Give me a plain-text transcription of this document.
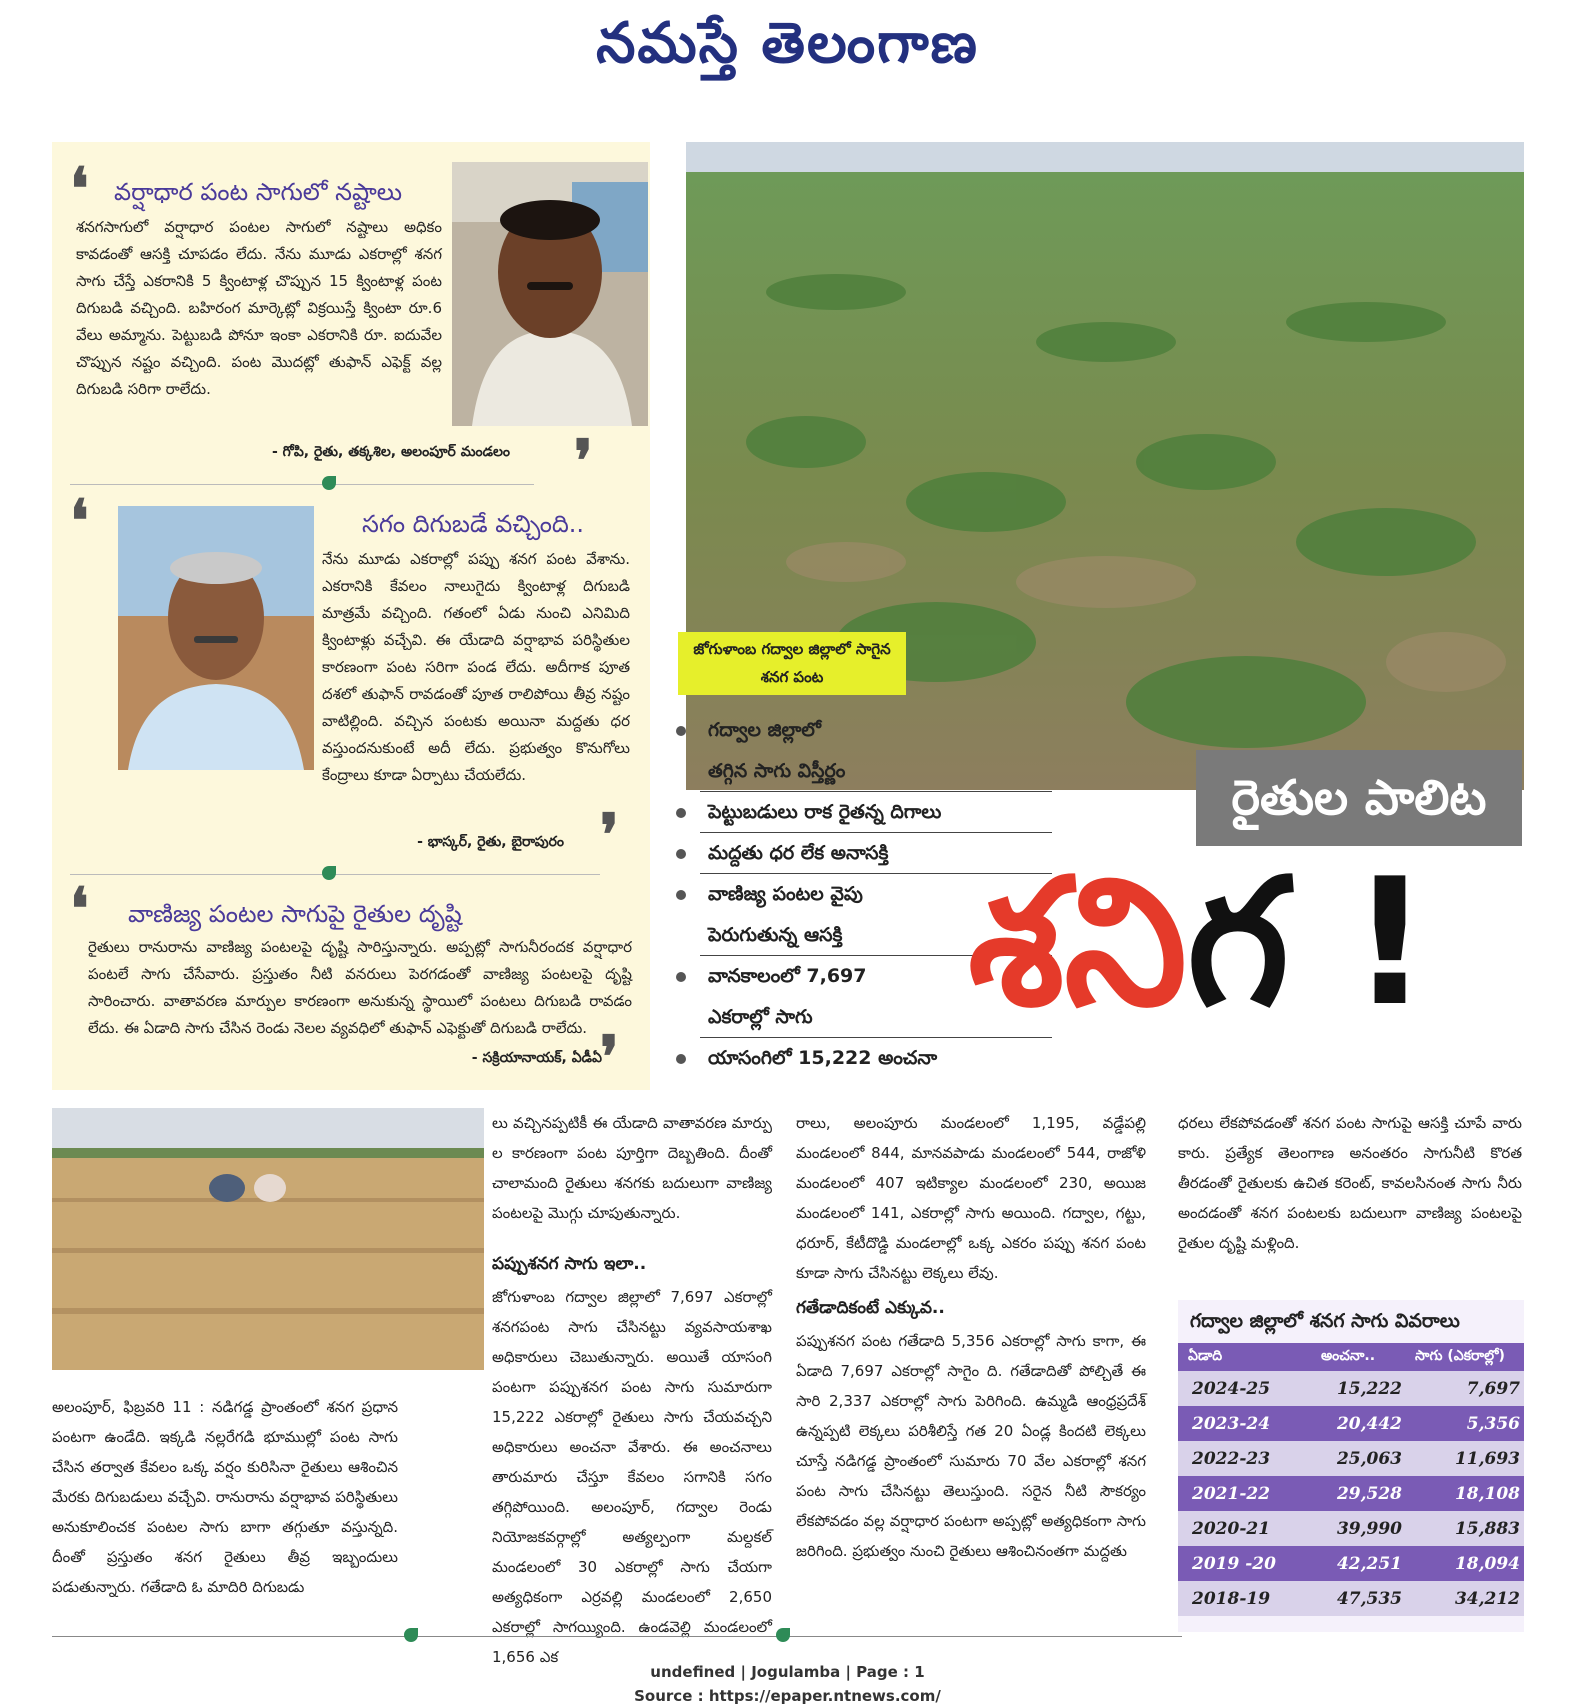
నమస్తే తెలంగాణ
❛ వర్షాధార పంట సాగులో నష్టాలు
శనగసాగులో వర్షాధార పంటల సాగులో నష్టాలు అధికం కావడంతో ఆసక్తి చూపడం లేదు. నేను మూడు ఎకరాల్లో శనగ సాగు చేస్తే ఎకరానికి 5 క్వింటాళ్ల చొప్పున 15 క్వింటాళ్ల పంట దిగుబడి వచ్చింది. బహిరంగ మార్కెట్లో విక్రయిస్తే క్వింటా రూ.6 వేలు అమ్మాను. పెట్టుబడి పోనూ ఇంకా ఎకరానికి రూ. ఐదువేల చొప్పున నష్టం వచ్చింది. పంట మొదట్లో తుఫాన్ ఎఫెక్ట్ వల్ల దిగుబడి సరిగా రాలేదు.
- గోపి, రైతు, తక్కశిల, అలంపూర్ మండలం ❜
❛	సగం దిగుబడే వచ్చింది..
నేను మూడు ఎకరాల్లో పప్పు శనగ పంట వేశాను. ఎకరానికి కేవలం నాలుగైదు క్వింటాళ్ల దిగుబడి మాత్రమే వచ్చింది. గతంలో ఏడు నుంచి ఎనిమిది క్వింటాళ్లు వచ్చేవి. ఈ యేడాది వర్షాభావ పరిస్థితుల కారణంగా పంట సరిగా పండ లేదు. అదీగాక పూత దశలో తుఫాన్ రావడంతో పూత రాలిపోయి తీవ్ర నష్టం వాటిల్లింది. వచ్చిన పంటకు అయినా మద్దతు ధర వస్తుందనుకుంటే అదీ లేదు. ప్రభుత్వం కొనుగోలు కేంద్రాలు కూడా ఏర్పాటు చేయలేదు.
- భాస్కర్, రైతు, బైరాపురం ❜
❛ వాణిజ్య పంటల సాగుపై రైతుల దృష్టి
రైతులు రానురాను వాణిజ్య పంటలపై దృష్టి సారిస్తున్నారు. అప్పట్లో సాగునీరందక వర్షాధార పంటలే సాగు చేసేవారు. ప్రస్తుతం నీటి వనరులు పెరగడంతో వాణిజ్య పంటలపై దృష్టి సారించారు. వాతావరణ మార్పుల కారణంగా అనుకున్న స్థాయిలో పంటలు దిగుబడి రావడం లేదు. ఈ ఏడాది సాగు చేసిన రెండు నెలల వ్యవధిలో తుఫాన్ ఎఫెక్టుతో దిగుబడి రాలేదు.
- సక్రియానాయక్, ఏడీఏ
❜
జోగుళాంబ గద్వాల జిల్లాలో సాగైన శనగ పంట
గద్వాల జిల్లాలో
తగ్గిన సాగు విస్తీర్ణం
పెట్టుబడులు రాక రైతన్న దిగాలు
మద్దతు ధర లేక అనాసక్తి
వాణిజ్య పంటల వైపు
పెరుగుతున్న ఆసక్తి
వానకాలంలో 7,697
ఎకరాల్లో సాగు
యాసంగిలో 15,222 అంచనా
రైతుల పాలిట
శనిగ !
అలంపూర్, ఫిబ్రవరి 11 : నడిగడ్డ ప్రాంతంలో శనగ ప్రధాన పంటగా ఉండేది. ఇక్కడి నల్లరేగడి భూముల్లో పంట సాగు చేసిన తర్వాత కేవలం ఒక్క వర్షం కురిసినా రైతులు ఆశించిన మేరకు దిగుబడులు వచ్చేవి. రానురాను వర్షాభావ పరిస్థితులు అనుకూలించక పంటల సాగు బాగా తగ్గుతూ వస్తున్నది. దీంతో ప్రస్తుతం శనగ రైతులు తీవ్ర ఇబ్బందులు పడుతున్నారు. గతేడాది ఓ మాదిరి దిగుబడు
లు వచ్చినప్పటికీ ఈ యేడాది వాతావరణ మార్పు ల కారణంగా పంట పూర్తిగా దెబ్బతింది. దీంతో చాలామంది రైతులు శనగకు బదులుగా వాణిజ్య పంటలపై మొగ్గు చూపుతున్నారు.
పప్పుశనగ సాగు ఇలా..
జోగుళాంబ గద్వాల జిల్లాలో 7,697 ఎకరాల్లో శనగపంట సాగు చేసినట్టు వ్యవసాయశాఖ అధికారులు చెబుతున్నారు. అయితే యాసంగి పంటగా పప్పుశనగ పంట సాగు సుమారుగా 15,222 ఎకరాల్లో రైతులు సాగు చేయవచ్చని అధికారులు అంచనా వేశారు. ఈ అంచనాలు తారుమారు చేస్తూ కేవలం సగానికి సగం తగ్గిపోయింది. అలంపూర్, గద్వాల రెండు నియోజకవర్గాల్లో అత్యల్పంగా మల్దకల్ మండలంలో 30 ఎకరాల్లో సాగు చేయగా అత్యధికంగా ఎర్రవల్లి మండలంలో 2,650 ఎకరాల్లో సాగయ్యింది. ఉండవెల్లి మండలంలో 1,656 ఎక
రాలు, అలంపూరు మండలంలో 1,195, వడ్డేపల్లి మండలంలో 844, మానవపాడు మండలంలో 544, రాజోళి మండలంలో 407 ఇటిక్యాల మండలంలో 230, అయిజ మండలంలో 141, ఎకరాల్లో సాగు అయింది. గద్వాల, గట్టు, ధరూర్, కేటీదొడ్డి మండలాల్లో ఒక్క ఎకరం పప్పు శనగ పంట కూడా సాగు చేసినట్టు లెక్కలు లేవు.
గతేడాదికంటే ఎక్కువ..
పప్పుశనగ పంట గతేడాది 5,356 ఎకరాల్లో సాగు కాగా, ఈ ఏడాది 7,697 ఎకరాల్లో సాగైం ది. గతేడాదితో పోల్చితే ఈ సారి 2,337 ఎకరాల్లో సాగు పెరిగింది. ఉమ్మడి ఆంధ్రప్రదేశ్ ఉన్నప్పటి లెక్కలు పరిశీలిస్తే గత 20 ఏండ్ల కిందటి లెక్కలు చూస్తే నడిగడ్డ ప్రాంతంలో సుమారు 70 వేల ఎకరాల్లో శనగ పంట సాగు చేసినట్టు తెలుస్తుంది. సరైన నీటి సౌకర్యం లేకపోవడం వల్ల వర్షాధార పంటగా అప్పట్లో అత్యధికంగా సాగు జరిగింది. ప్రభుత్వం నుంచి రైతులు ఆశించినంతగా మద్దతు
ధరలు లేకపోవడంతో శనగ పంట సాగుపై ఆసక్తి చూపే వారు కారు. ప్రత్యేక తెలంగాణ అనంతరం సాగునీటి కొరత తీరడంతో రైతులకు ఉచిత కరెంట్, కావలసినంత సాగు నీరు అందడంతో శనగ పంటలకు బదులుగా వాణిజ్య పంటలపై రైతుల దృష్టి మళ్లింది.
గద్వాల జిల్లాలో శనగ సాగు వివరాలు
ఏడాది	అంచనా..	సాగు (ఎకరాల్లో)
2024-25	15,222	7,697
2023-24	20,442	5,356
2022-23	25,063	11,693
2021-22	29,528	18,108
2020-21	39,990	15,883
2019 -20	42,251	18,094
2018-19	47,535	34,212
undefined | Jogulamba | Page : 1
Source : https://epaper.ntnews.com/
